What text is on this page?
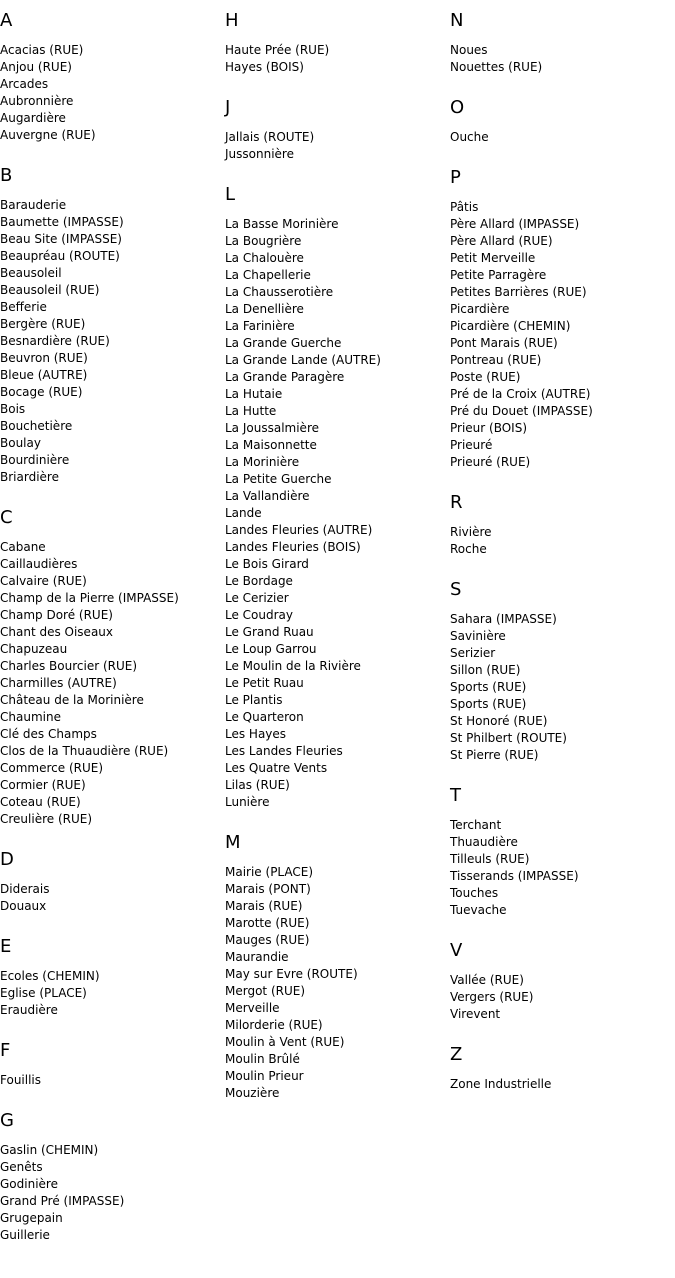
A
Acacias (RUE)
Anjou (RUE)
Arcades
Aubronnière
Augardière
Auvergne (RUE)
B
Barauderie
Baumette (IMPASSE)
Beau Site (IMPASSE)
Beaupréau (ROUTE)
Beausoleil
Beausoleil (RUE)
Befferie
Bergère (RUE)
Besnardière (RUE)
Beuvron (RUE)
Bleue (AUTRE)
Bocage (RUE)
Bois
Bouchetière
Boulay
Bourdinière
Briardière
C
Cabane
Caillaudières
Calvaire (RUE)
Champ de la Pierre (IMPASSE)
Champ Doré (RUE)
Chant des Oiseaux
Chapuzeau
Charles Bourcier (RUE)
Charmilles (AUTRE)
Château de la Morinière
Chaumine
Clé des Champs
Clos de la Thuaudière (RUE)
Commerce (RUE)
Cormier (RUE)
Coteau (RUE)
Creulière (RUE)
D
Diderais
Douaux
E
Ecoles (CHEMIN)
Eglise (PLACE)
Eraudière
F
Fouillis
G
Gaslin (CHEMIN)
Genêts
Godinière
Grand Pré (IMPASSE)
Grugepain
Guillerie
H
Haute Prée (RUE)
Hayes (BOIS)
J
Jallais (ROUTE)
Jussonnière
L
La Basse Morinière
La Bougrière
La Chalouère
La Chapellerie
La Chausserotière
La Denellière
La Farinière
La Grande Guerche
La Grande Lande (AUTRE)
La Grande Paragère
La Hutaie
La Hutte
La Joussalmière
La Maisonnette
La Morinière
La Petite Guerche
La Vallandière
Lande
Landes Fleuries (AUTRE)
Landes Fleuries (BOIS)
Le Bois Girard
Le Bordage
Le Cerizier
Le Coudray
Le Grand Ruau
Le Loup Garrou
Le Moulin de la Rivière
Le Petit Ruau
Le Plantis
Le Quarteron
Les Hayes
Les Landes Fleuries
Les Quatre Vents
Lilas (RUE)
Lunière
M
Mairie (PLACE)
Marais (PONT)
Marais (RUE)
Marotte (RUE)
Mauges (RUE)
Maurandie
May sur Evre (ROUTE)
Mergot (RUE)
Merveille
Milorderie (RUE)
Moulin à Vent (RUE)
Moulin Brûlé
Moulin Prieur
Mouzière
N
Noues
Nouettes (RUE)
O
Ouche
P
Pâtis
Père Allard (IMPASSE)
Père Allard (RUE)
Petit Merveille
Petite Parragère
Petites Barrières (RUE)
Picardière
Picardière (CHEMIN)
Pont Marais (RUE)
Pontreau (RUE)
Poste (RUE)
Pré de la Croix (AUTRE)
Pré du Douet (IMPASSE)
Prieur (BOIS)
Prieuré
Prieuré (RUE)
R
Rivière
Roche
S
Sahara (IMPASSE)
Savinière
Serizier
Sillon (RUE)
Sports (RUE)
Sports (RUE)
St Honoré (RUE)
St Philbert (ROUTE)
St Pierre (RUE)
T
Terchant
Thuaudière
Tilleuls (RUE)
Tisserands (IMPASSE)
Touches
Tuevache
V
Vallée (RUE)
Vergers (RUE)
Virevent
Z
Zone Industrielle
